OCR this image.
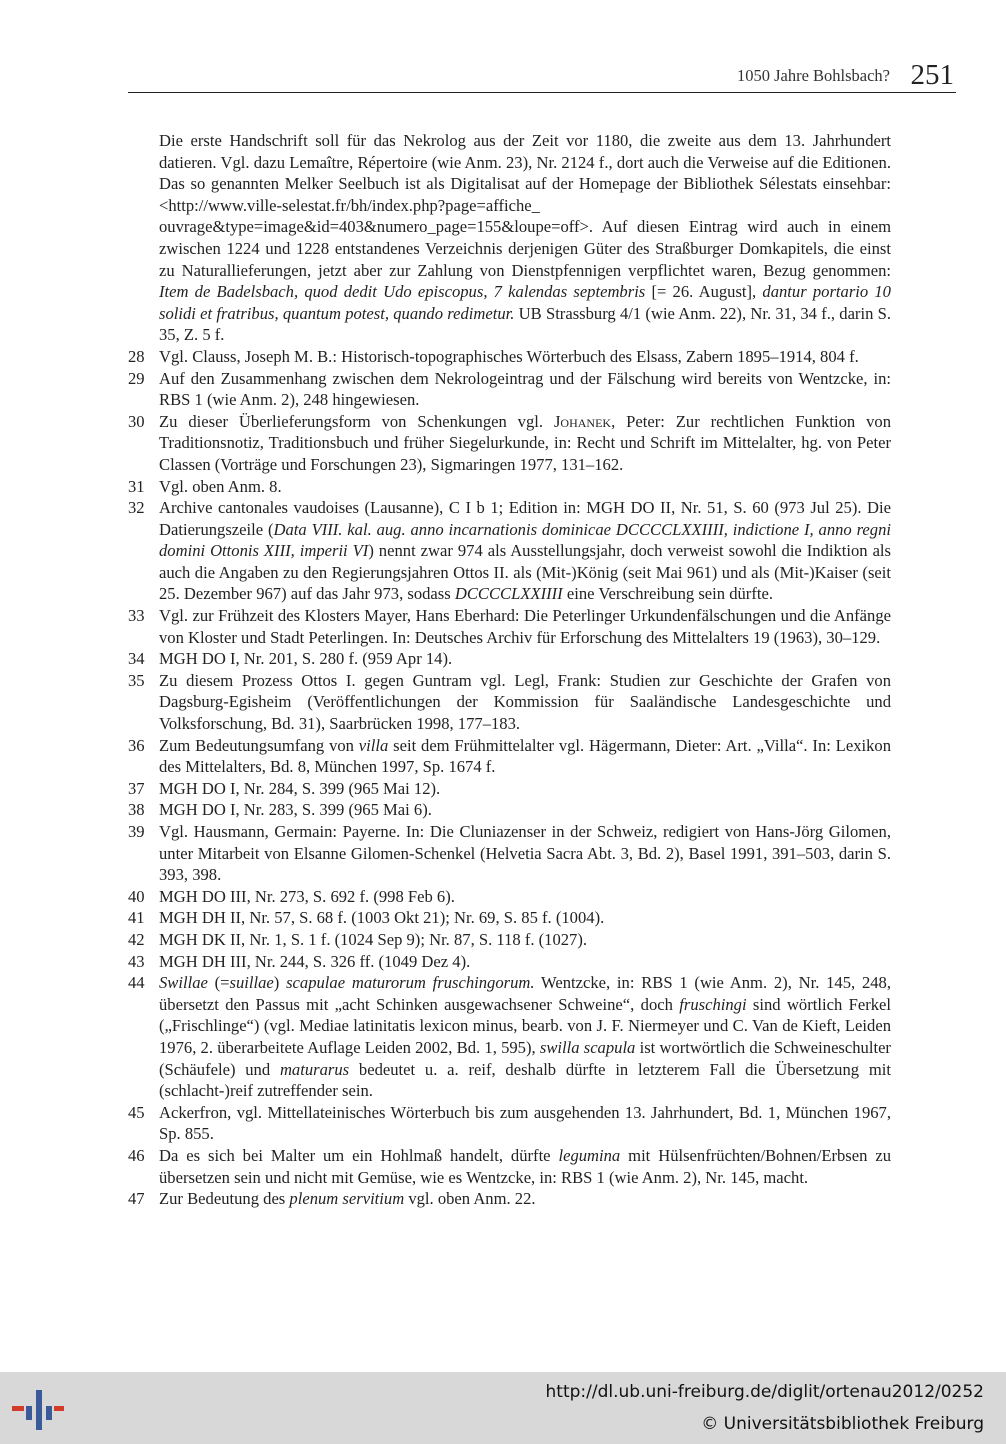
1050 Jahre Bohlsbach? 251

Die erste Handschrift soll für das Nekrolog aus der Zeit vor 1180, die zweite aus dem 13. Jahrhundert datieren. Vgl. dazu Lemaître, Répertoire (wie Anm. 23), Nr. 2124 f., dort auch die Verweise auf die Editionen. Das so genannten Melker Seelbuch ist als Digitalisat auf der Homepage der Bibliothek Sélestats einsehbar: <http://www.ville-selestat.fr/bh/index.php?page=affiche_ ouvrage&type=image&id=403&numero_page=155&loupe=off>. Auf diesen Eintrag wird auch in einem zwischen 1224 und 1228 entstandenes Verzeichnis derjenigen Güter des Straßburger Domkapitels, die einst zu Naturallieferungen, jetzt aber zur Zahlung von Dienstpfennigen verpflichtet waren, Bezug genommen: Item de Badelsbach, quod dedit Udo episcopus, 7 kalendas septembris [= 26. August], dantur portario 10 solidi et fratribus, quantum potest, quando redimetur. UB Strassburg 4/1 (wie Anm. 22), Nr. 31, 34 f., darin S. 35, Z. 5 f.

28 Vgl. Clauss, Joseph M. B.: Historisch-topographisches Wörterbuch des Elsass, Zabern 1895–1914, 804 f.

29 Auf den Zusammenhang zwischen dem Nekrologeintrag und der Fälschung wird bereits von Wentzcke, in: RBS 1 (wie Anm. 2), 248 hingewiesen.

30 Zu dieser Überlieferungsform von Schenkungen vgl. Johanek, Peter: Zur rechtlichen Funktion von Traditionsnotiz, Traditionsbuch und früher Siegelurkunde, in: Recht und Schrift im Mittelalter, hg. von Peter Classen (Vorträge und Forschungen 23), Sigmaringen 1977, 131–162.

31 Vgl. oben Anm. 8.

32 Archive cantonales vaudoises (Lausanne), C I b 1; Edition in: MGH DO II, Nr. 51, S. 60 (973 Jul 25). Die Datierungszeile (Data VIII. kal. aug. anno incarnationis dominicae DCCCCLXXIIII, indictione I, anno regni domini Ottonis XIII, imperii VI) nennt zwar 974 als Ausstellungsjahr, doch verweist sowohl die Indiktion als auch die Angaben zu den Regierungsjahren Ottos II. als (Mit-)König (seit Mai 961) und als (Mit-)Kaiser (seit 25. Dezember 967) auf das Jahr 973, sodass DCCCCLXXIIII eine Verschreibung sein dürfte.

33 Vgl. zur Frühzeit des Klosters Mayer, Hans Eberhard: Die Peterlinger Urkundenfälschungen und die Anfänge von Kloster und Stadt Peterlingen. In: Deutsches Archiv für Erforschung des Mittelalters 19 (1963), 30–129.

34 MGH DO I, Nr. 201, S. 280 f. (959 Apr 14).

35 Zu diesem Prozess Ottos I. gegen Guntram vgl. Legl, Frank: Studien zur Geschichte der Grafen von Dagsburg-Egisheim (Veröffentlichungen der Kommission für Saaländische Landesgeschichte und Volksforschung, Bd. 31), Saarbrücken 1998, 177–183.

36 Zum Bedeutungsumfang von villa seit dem Frühmittelalter vgl. Hägermann, Dieter: Art. „Villa“. In: Lexikon des Mittelalters, Bd. 8, München 1997, Sp. 1674 f.

37 MGH DO I, Nr. 284, S. 399 (965 Mai 12).

38 MGH DO I, Nr. 283, S. 399 (965 Mai 6).

39 Vgl. Hausmann, Germain: Payerne. In: Die Cluniazenser in der Schweiz, redigiert von Hans-Jörg Gilomen, unter Mitarbeit von Elsanne Gilomen-Schenkel (Helvetia Sacra Abt. 3, Bd. 2), Basel 1991, 391–503, darin S. 393, 398.

40 MGH DO III, Nr. 273, S. 692 f. (998 Feb 6).

41 MGH DH II, Nr. 57, S. 68 f. (1003 Okt 21); Nr. 69, S. 85 f. (1004).

42 MGH DK II, Nr. 1, S. 1 f. (1024 Sep 9); Nr. 87, S. 118 f. (1027).

43 MGH DH III, Nr. 244, S. 326 ff. (1049 Dez 4).

44 Swillae (=suillae) scapulae maturorum fruschingorum. Wentzcke, in: RBS 1 (wie Anm. 2), Nr. 145, 248, übersetzt den Passus mit „acht Schinken ausgewachsener Schweine“, doch fruschingi sind wörtlich Ferkel („Frischlinge“) (vgl. Mediae latinitatis lexicon minus, bearb. von J. F. Niermeyer und C. Van de Kieft, Leiden 1976, 2. überarbeitete Auflage Leiden 2002, Bd. 1, 595), swilla scapula ist wortwörtlich die Schweineschulter (Schäufele) und maturarus bedeutet u. a. reif, deshalb dürfte in letzterem Fall die Übersetzung mit (schlacht-)reif zutreffender sein.

45 Ackerfron, vgl. Mittellateinisches Wörterbuch bis zum ausgehenden 13. Jahrhundert, Bd. 1, München 1967, Sp. 855.

46 Da es sich bei Malter um ein Hohlmaß handelt, dürfte legumina mit Hülsenfrüchten/Bohnen/Erbsen zu übersetzen sein und nicht mit Gemüse, wie es Wentzcke, in: RBS 1 (wie Anm. 2), Nr. 145, macht.

47 Zur Bedeutung des plenum servitium vgl. oben Anm. 22.

http://dl.ub.uni-freiburg.de/diglit/ortenau2012/0252
© Universitätsbibliothek Freiburg
